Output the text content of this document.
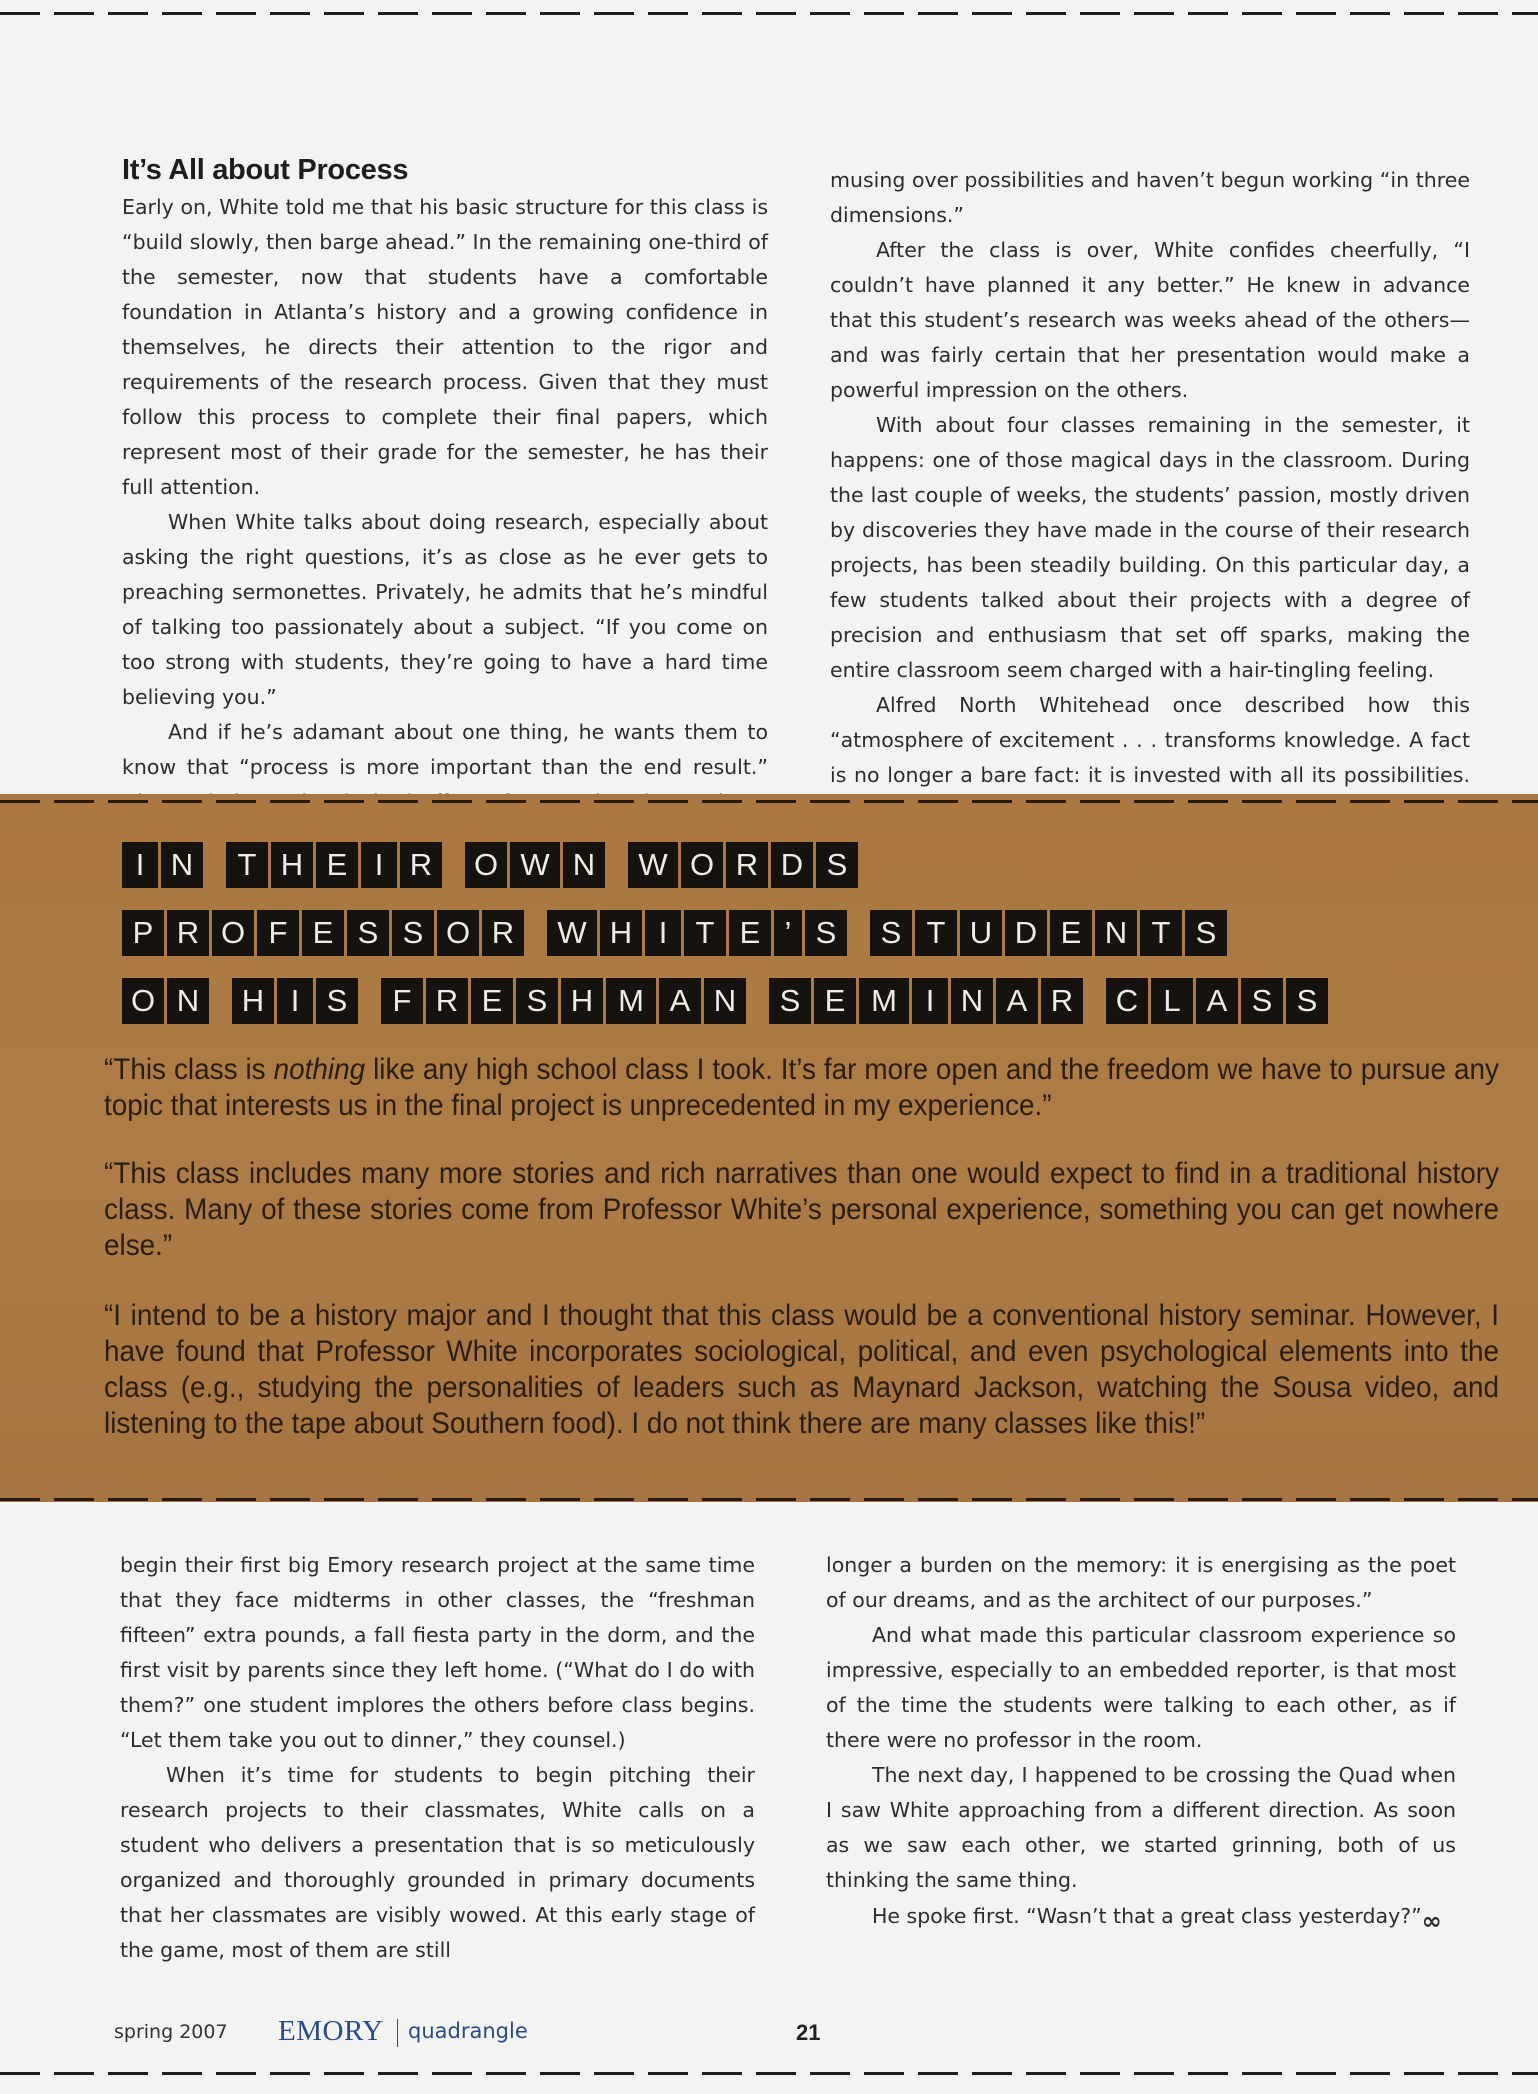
It’s All about Process

Early on, White told me that his basic structure for this class is “build slowly, then barge ahead.” In the remaining one-third of the semester, now that students have a comfortable foundation in Atlanta’s history and a growing confidence in themselves, he directs their attention to the rigor and requirements of the research process. Given that they must follow this process to complete their final papers, which represent most of their grade for the semester, he has their full attention.

When White talks about doing research, especially about asking the right questions, it’s as close as he ever gets to preaching sermonettes. Privately, he admits that he’s mindful of talking too passionately about a subject. “If you come on too strong with students, they’re going to have a hard time believing you.”

And if he’s adamant about one thing, he wants them to know that “process is more important than the end result.”

musing over possibilities and haven’t begun working “in three dimensions.”

After the class is over, White confides cheerfully, “I couldn’t have planned it any better.” He knew in advance that this student’s research was weeks ahead of the others—and was fairly certain that her presentation would make a powerful impression on the others.

With about four classes remaining in the semester, it happens: one of those magical days in the classroom. During the last couple of weeks, the students’ passion, mostly driven by discoveries they have made in the course of their research projects, has been steadily building. On this particular day, a few students talked about their projects with a degree of precision and enthusiasm that set off sparks, making the entire classroom seem charged with a hair-tingling feeling.

Alfred North Whitehead once described how this “atmosphere of excitement . . . transforms knowledge. A fact is no longer a bare fact: it is invested with all its possibilities.

I N T H E I R O W N W O R D S
P R O F E S S O R W H I T E ’ S S T U D E N T S
O N H I S F R E S H M A N S E M I N A R C L A S S
“This class is nothing like any high school class I took. It’s far more open and the freedom we have to pursue any topic that interests us in the final project is unprecedented in my experience.”
“This class includes many more stories and rich narratives than one would expect to find in a traditional history class. Many of these stories come from Professor White’s personal experience, something you can get nowhere else.”
“I intend to be a history major and I thought that this class would be a conventional history seminar. However, I have found that Professor White incorporates sociological, political, and even psychological elements into the class (e.g., studying the personalities of leaders such as Maynard Jackson, watching the Sousa video, and listening to the tape about Southern food). I do not think there are many classes like this!”

begin their first big Emory research project at the same time that they face midterms in other classes, the “freshman fifteen” extra pounds, a fall fiesta party in the dorm, and the first visit by parents since they left home. (“What do I do with them?” one student implores the others before class begins. “Let them take you out to dinner,” they counsel.)

When it’s time for students to begin pitching their research projects to their classmates, White calls on a student who delivers a presentation that is so meticulously organized and thoroughly grounded in primary documents that her classmates are visibly wowed. At this early stage of the game, most of them are still

longer a burden on the memory: it is energising as the poet of our dreams, and as the architect of our purposes.”

And what made this particular classroom experience so impressive, especially to an embedded reporter, is that most of the time the students were talking to each other, as if there were no professor in the room.

The next day, I happened to be crossing the Quad when I saw White approaching from a different direction. As soon as we saw each other, we started grinning, both of us thinking the same thing.

He spoke first. “Wasn’t that a great class yesterday?”∞

spring 2007 EMORY quadrangle	21
